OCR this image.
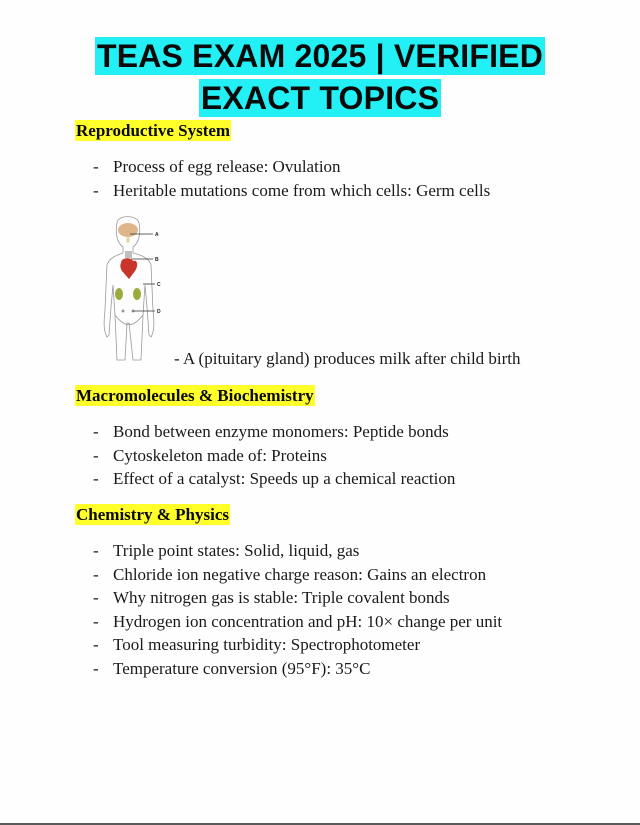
TEAS EXAM 2025 | VERIFIED
EXACT TOPICS
Reproductive System
- Process of egg release: Ovulation
- Heritable mutations come from which cells: Germ cells
A
B
C
D
- A (pituitary gland) produces milk after child birth
Macromolecules & Biochemistry
- Bond between enzyme monomers: Peptide bonds
- Cytoskeleton made of: Proteins
- Effect of a catalyst: Speeds up a chemical reaction
Chemistry & Physics
- Triple point states: Solid, liquid, gas
- Chloride ion negative charge reason: Gains an electron
- Why nitrogen gas is stable: Triple covalent bonds
- Hydrogen ion concentration and pH: 10× change per unit
- Tool measuring turbidity: Spectrophotometer
- Temperature conversion (95°F): 35°C
